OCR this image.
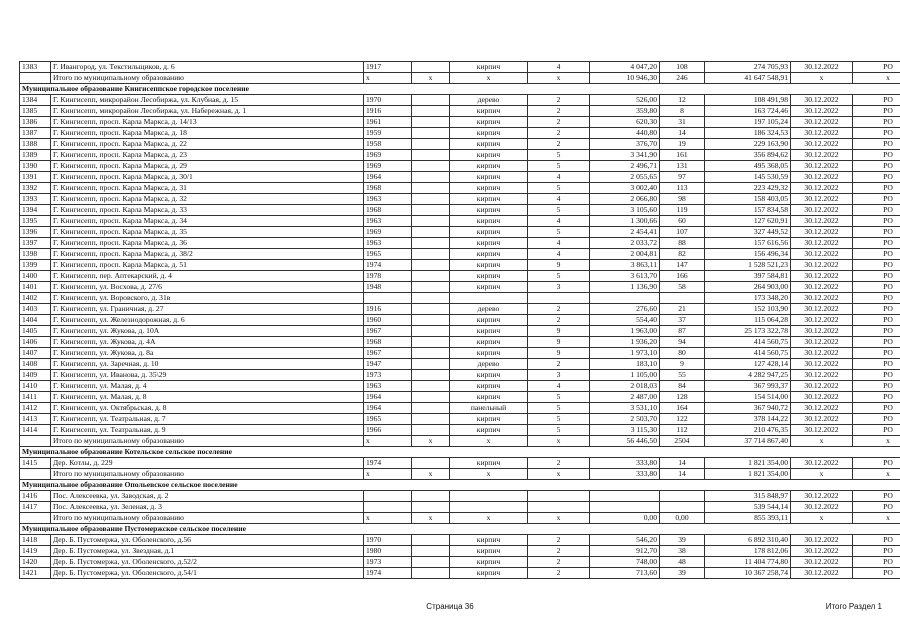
1383	Г. Ивангород, ул. Текстильщиков, д. 6	1917		кирпич	4	4 047,20	108	274 705,93	30.12.2022	РО
	Итого по муниципальному образованию	x	x	x	x	10 946,30	246	41 647 548,91	x	x
Муниципальное образование Кингисеппское городское поселение										
1384	Г. Кингисепп, микрорайон Лесобиржа, ул. Клубная, д. 15	1970		дерево	2	526,00	12	108 491,98	30.12.2022	РО
1385	Г. Кингисепп, микрорайон Лесобиржа, ул. Набережная, д. 1	1916		кирпич	2	359,80	8	163 724,46	30.12.2022	РО
1386	Г. Кингисепп, просп. Карла Маркса, д. 14/13	1961		кирпич	2	620,30	31	197 105,24	30.12.2022	РО
1387	Г. Кингисепп, просп. Карла Маркса, д. 18	1959		кирпич	2	440,80	14	186 324,53	30.12.2022	РО
1388	Г. Кингисепп, просп. Карла Маркса, д. 22	1958		кирпич	2	376,70	19	229 163,90	30.12.2022	РО
1389	Г. Кингисепп, просп. Карла Маркса, д. 23	1969		кирпич	5	3 341,90	161	356 894,62	30.12.2022	РО
1390	Г. Кингисепп, просп. Карла Маркса, д. 29	1969		кирпич	5	2 496,71	131	495 368,05	30.12.2022	РО
1391	Г. Кингисепп, просп. Карла Маркса, д. 30/1	1964		кирпич	4	2 055,65	97	145 530,59	30.12.2022	РО
1392	Г. Кингисепп, просп. Карла Маркса, д. 31	1968		кирпич	5	3 002,40	113	223 429,32	30.12.2022	РО
1393	Г. Кингисепп, просп. Карла Маркса, д. 32	1963		кирпич	4	2 066,80	98	158 403,05	30.12.2022	РО
1394	Г. Кингисепп, просп. Карла Маркса, д. 33	1968		кирпич	5	3 105,60	119	157 834,58	30.12.2022	РО
1395	Г. Кингисепп, просп. Карла Маркса, д. 34	1963		кирпич	4	1 300,66	60	127 620,91	30.12.2022	РО
1396	Г. Кингисепп, просп. Карла Маркса, д. 35	1969		кирпич	5	2 454,41	107	327 449,52	30.12.2022	РО
1397	Г. Кингисепп, просп. Карла Маркса, д. 36	1963		кирпич	4	2 033,72	88	157 616,56	30.12.2022	РО
1398	Г. Кингисепп, просп. Карла Маркса, д. 38/2	1965		кирпич	4	2 004,81	82	156 496,34	30.12.2022	РО
1399	Г. Кингисепп, просп. Карла Маркса, д. 51	1974		кирпич	9	3 863,11	147	1 528 521,23	30.12.2022	РО
1400	Г. Кингисепп, пер. Аптекарский, д. 4	1978		кирпич	5	3 613,70	166	397 584,81	30.12.2022	РО
1401	Г. Кингисепп, ул. Восхова, д. 27/6	1948		кирпич	3	1 136,90	58	264 903,00	30.12.2022	РО
1402	Г. Кингисепп, ул. Воровского, д. 31в							173 348,20	30.12.2022	РО
1403	Г. Кингисепп, ул. Граничная, д. 27	1916		дерево	2	276,60	21	152 103,90	30.12.2022	РО
1404	Г. Кингисепп, ул. Железнодорожная, д. 6	1960		кирпич	2	554,40	37	115 064,28	30.12.2022	РО
1405	Г. Кингисепп, ул. Жукова, д. 10А	1967		кирпич	9	1 963,00	87	25 173 322,78	30.12.2022	РО
1406	Г. Кингисепп, ул. Жукова, д. 4А	1968		кирпич	9	1 936,20	94	414 560,75	30.12.2022	РО
1407	Г. Кингисепп, ул. Жукова, д. 8а	1967		кирпич	9	1 973,10	80	414 560,75	30.12.2022	РО
1408	Г. Кингисепп, ул. Заречная, д. 10	1947		дерево	2	183,10	9	127 428,14	30.12.2022	РО
1409	Г. Кингисепп, ул. Иванова, д. 35\29	1973		кирпич	3	1 105,00	55	4 282 947,25	30.12.2022	РО
1410	Г. Кингисепп, ул. Малая, д. 4	1963		кирпич	4	2 018,03	84	367 993,37	30.12.2022	РО
1411	Г. Кингисепп, ул. Малая, д. 8	1964		кирпич	5	2 487,00	128	154 514,00	30.12.2022	РО
1412	Г. Кингисепп, ул. Октябрьская, д. 8	1964		панельный	5	3 531,10	164	367 940,72	30.12.2022	РО
1413	Г. Кингисепп, ул. Театральная, д. 7	1965		кирпич	5	2 503,70	122	378 144,22	30.12.2022	РО
1414	Г. Кингисепп, ул. Театральная, д. 9	1966		кирпич	5	3 115,30	112	210 476,35	30.12.2022	РО
	Итого по муниципальному образованию	x	x	x	x	56 446,50	2504	37 714 867,40	x	x
Муниципальное образование Котельское сельское поселение										
1415	Дер. Котлы, д. 229	1974		кирпич	2	333,80	14	1 821 354,00	30.12.2022	РО
	Итого по муниципальному образованию	x	x	x	x	333,80	14	1 821 354,00	x	x
Муниципальное образование Опольевское сельское поселение										
1416	Пос. Алексеевка, ул. Заводская, д. 2							315 848,97	30.12.2022	РО
1417	Пос. Алексеевка, ул. Зеленая, д. 3							539 544,14	30.12.2022	РО
	Итого по муниципальному образованию	x	x	x	x	0,00	0,00	855 393,11	x	x
Муниципальное образование Пустомержское сельское поселение										
1418	Дер. Б. Пустомержа, ул. Оболенского, д.56	1970		кирпич	2	546,20	39	6 892 310,40	30.12.2022	РО
1419	Дер. Б. Пустомержа, ул. Звездная, д.1	1980		кирпич	2	912,70	38	178 812,06	30.12.2022	РО
1420	Дер. Б. Пустомержа, ул. Оболенского, д.52/2	1973		кирпич	2	748,00	48	11 404 774,80	30.12.2022	РО
1421	Дер. Б. Пустомержа, ул. Оболенского, д.54/1	1974		кирпич	2	713,60	39	10 367 258,74	30.12.2022	РО
Страница 36	Итого Раздел 1
